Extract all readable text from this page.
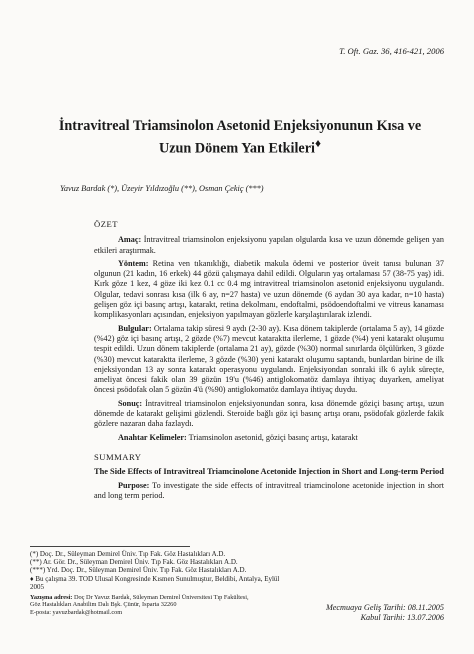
T. Oft. Gaz. 36, 416-421, 2006
İntravitreal Triamsinolon Asetonid Enjeksiyonunun Kısa ve
Uzun Dönem Yan Etkileri♦
Yavuz Bardak (*), Üzeyir Yıldızoğlu (**), Osman Çekiç (***)
ÖZET

Amaç: İntravitreal triamsinolon enjeksiyonu yapılan olgularda kısa ve uzun dönemde gelişen yan etkileri araştırmak.

Yöntem: Retina ven tıkanıklığı, diabetik makula ödemi ve posterior üveit tanısı bulunan 37 olgunun (21 kadın, 16 erkek) 44 gözü çalışmaya dahil edildi. Olguların yaş ortalaması 57 (38-75 yaş) idi. Kırk göze 1 kez, 4 göze iki kez 0.1 cc 0.4 mg intravitreal triamsinolon asetonid enjeksiyonu uygulandı. Olgular, tedavi sonrası kısa (ilk 6 ay, n=27 hasta) ve uzun dönemde (6 aydan 30 aya kadar, n=10 hasta) gelişen göz içi basınç artışı, katarakt, retina dekolmanı, endoftalmi, psödoendoftalmi ve vitreus kanaması komplikasyonları açısından, enjeksiyon yapılmayan gözlerle karşılaştırılarak izlendi.

Bulgular: Ortalama takip süresi 9 aydı (2-30 ay). Kısa dönem takiplerde (ortalama 5 ay), 14 gözde (%42) göz içi basınç artışı, 2 gözde (%7) mevcut kataraktta ilerleme, 1 gözde (%4) yeni katarakt oluşumu tespit edildi. Uzun dönem takiplerde (ortalama 21 ay), gözde (%30) normal sınırlarda ölçülürken, 3 gözde (%30) mevcut kataraktta ilerleme, 3 gözde (%30) yeni katarakt oluşumu saptandı, bunlardan birine de ilk enjeksiyondan 13 ay sonra katarakt operasyonu uygulandı. Enjeksiyondan sonraki ilk 6 aylık süreçte, ameliyat öncesi fakik olan 39 gözün 19'u (%46) antiglokomatöz damlaya ihtiyaç duyarken, ameliyat öncesi psödofak olan 5 gözün 4'ü (%90) antiglokomatöz damlaya ihtiyaç duydu.

Sonuç: İntravitreal triamsinolon enjeksiyonundan sonra, kısa dönemde göziçi basınç artışı, uzun dönemde de katarakt gelişimi gözlendi. Steroide bağlı göz içi basınç artışı oranı, psödofak gözlerde fakik gözlere nazaran daha fazlaydı.

Anahtar Kelimeler: Triamsinolon asetonid, göziçi basınç artışı, katarakt

SUMMARY

The Side Effects of Intravitreal Triamcinolone Acetonide Injection in Short and Long-term Period

Purpose: To investigate the side effects of intravitreal triamcinolone acetonide injection in short and long term period.

(*) Doç. Dr., Süleyman Demirel Üniv. Tıp Fak. Göz Hastalıkları A.D.
(**) Ar. Gör. Dr., Süleyman Demirel Üniv. Tıp Fak. Göz Hastalıkları A.D.
(***) Yrd. Doç. Dr., Süleyman Demirel Üniv. Tıp Fak. Göz Hastalıkları A.D.
♦ Bu çalışma 39. TOD Ulusal Kongresinde Kısmen Sunulmuştur, Beldibi, Antalya, Eylül 2005
Yazışma adresi: Doç Dr Yavuz Bardak, Süleyman Demirel Üniversitesi Tıp Fakültesi, Göz Hastalıkları Anabilim Dalı Bşk. Çünür, Isparta 32260
E-posta: yavuzbardak@hotmail.com
Mecmuaya Geliş Tarihi: 08.11.2005
Kabul Tarihi: 13.07.2006
